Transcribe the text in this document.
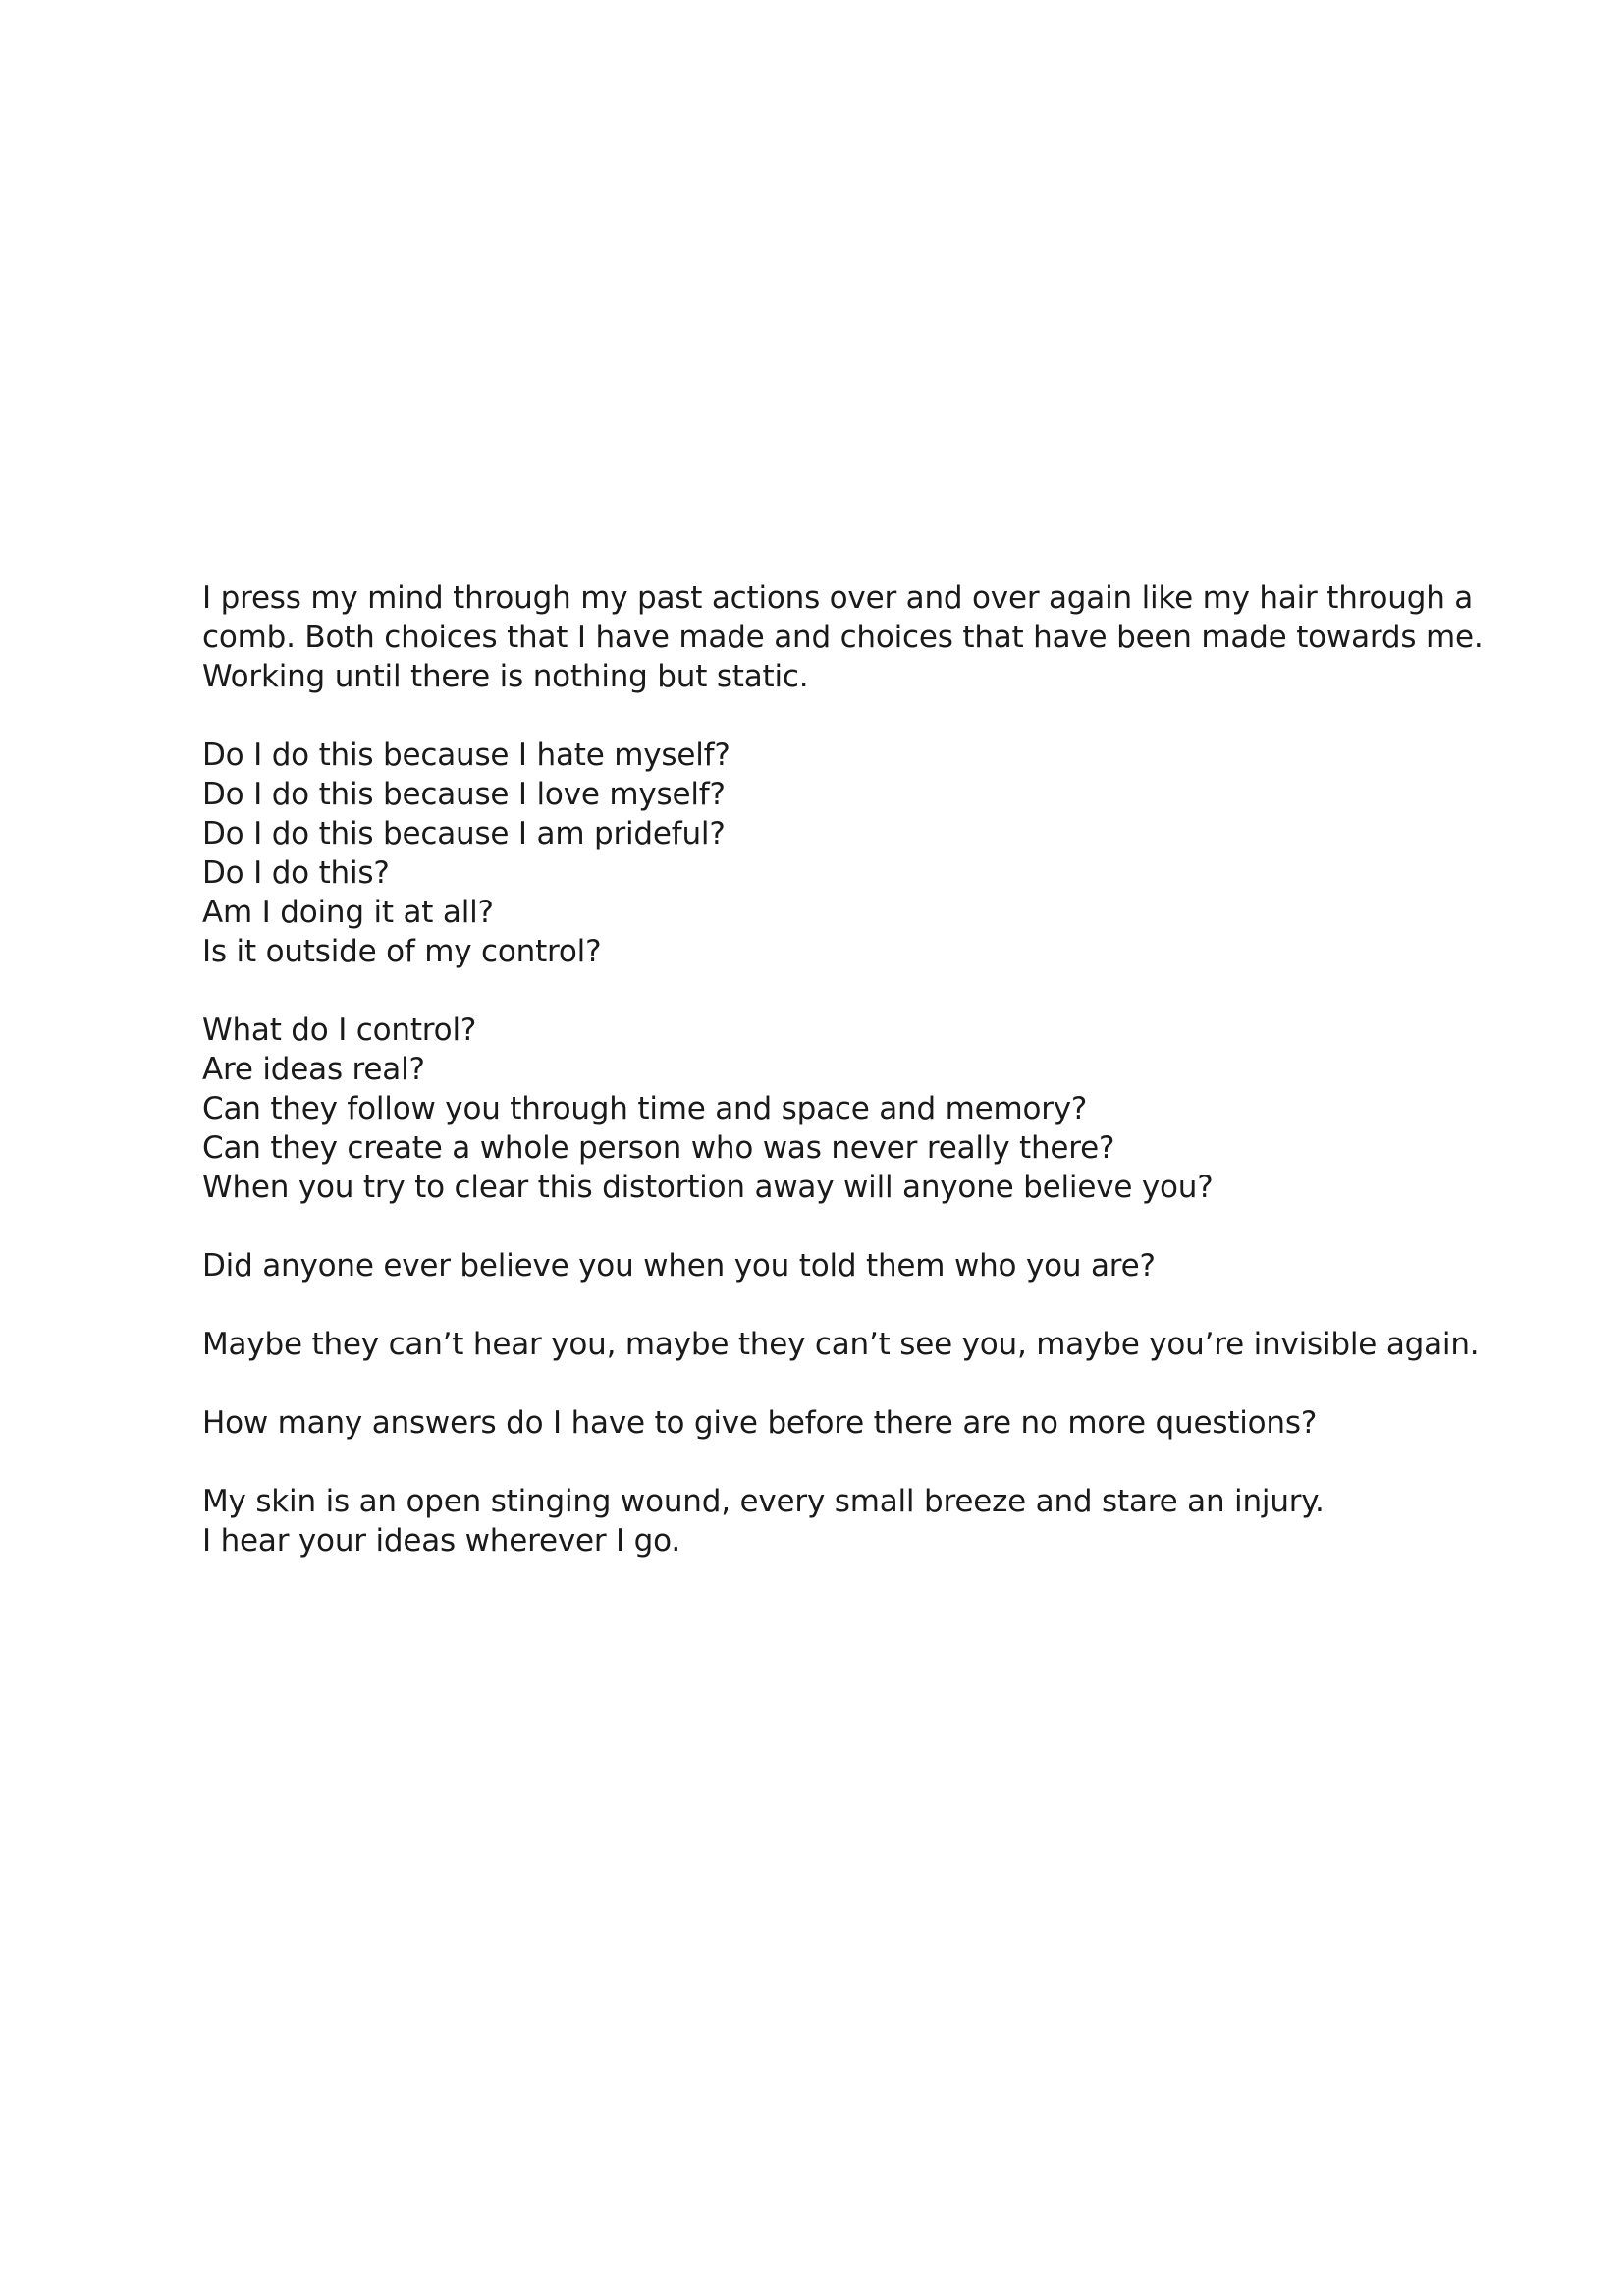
I press my mind through my past actions over and over again like my hair through a comb. Both choices that I have made and choices that have been made towards me. Working until there is nothing but static.
Do I do this because I hate myself?
Do I do this because I love myself?
Do I do this because I am prideful?
Do I do this?
Am I doing it at all?
Is it outside of my control?
What do I control?
Are ideas real?
Can they follow you through time and space and memory?
Can they create a whole person who was never really there?
When you try to clear this distortion away will anyone believe you?
Did anyone ever believe you when you told them who you are?
Maybe they can’t hear you, maybe they can’t see you, maybe you’re invisible again.
How many answers do I have to give before there are no more questions?
My skin is an open stinging wound, every small breeze and stare an injury.
I hear your ideas wherever I go.
